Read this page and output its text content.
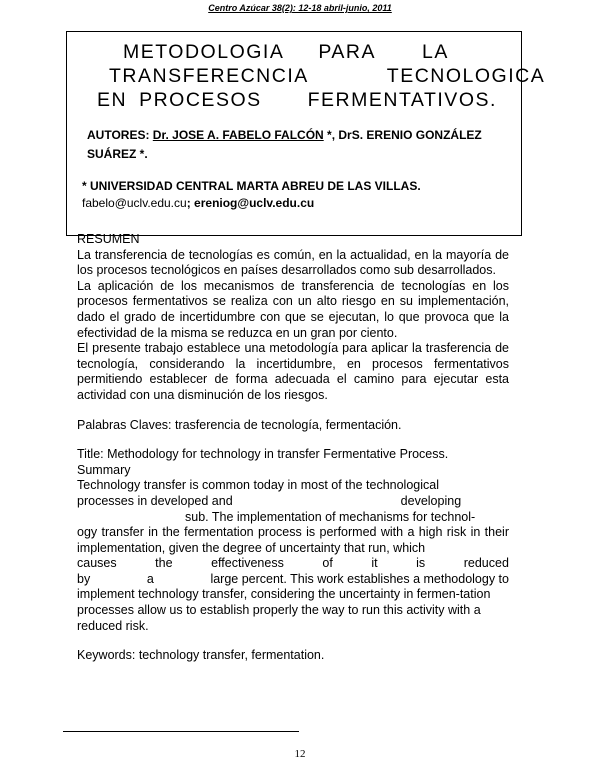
Centro Azúcar 38(2): 12-18 abril-junio, 2011
METODOLOGIA PARA LA
TRANSFERECNCIA	TECNOLOGICA
EN PROCESOS FERMENTATIVOS.
AUTORES: Dr. JOSE A. FABELO FALCÓN *, DrS. ERENIO GONZÁLEZ SUÁREZ *.
* UNIVERSIDAD CENTRAL MARTA ABREU DE LAS VILLAS.
fabelo@uclv.edu.cu; ereniog@uclv.edu.cu
RESUMEN

La transferencia de tecnologías es común, en la actualidad, en la mayoría de los procesos tecnológicos en países desarrollados como sub desarrollados.

La aplicación de los mecanismos de transferencia de tecnologías en los procesos fermentativos se realiza con un alto riesgo en su implementación, dado el grado de incertidumbre con que se ejecutan, lo que provoca que la efectividad de la misma se reduzca en un gran por ciento.

El presente trabajo establece una metodología para aplicar la trasferencia de tecnología, considerando la incertidumbre, en procesos fermentativos permitiendo establecer de forma adecuada el camino para ejecutar esta actividad con una disminución de los riesgos.

Palabras Claves: trasferencia de tecnología, fermentación.

Title: Methodology for technology in transfer Fermentative Process.

Summary
Technology transfer is common today in most of the technological
processes in developed and	developing
sub. The implementation of mechanisms for technol-

ogy transfer in the fermentation process is performed with a high risk in their implementation, given the degree of uncertainty that run, which

causes	the	effectiveness	of	it	is	reduced
by	a	large percent. This work establishes a methodology to

implement technology transfer, considering the uncertainty in fermen-tation processes allow us to establish properly the way to run this activity with a reduced risk.

Keywords: technology transfer, fermentation.

12
